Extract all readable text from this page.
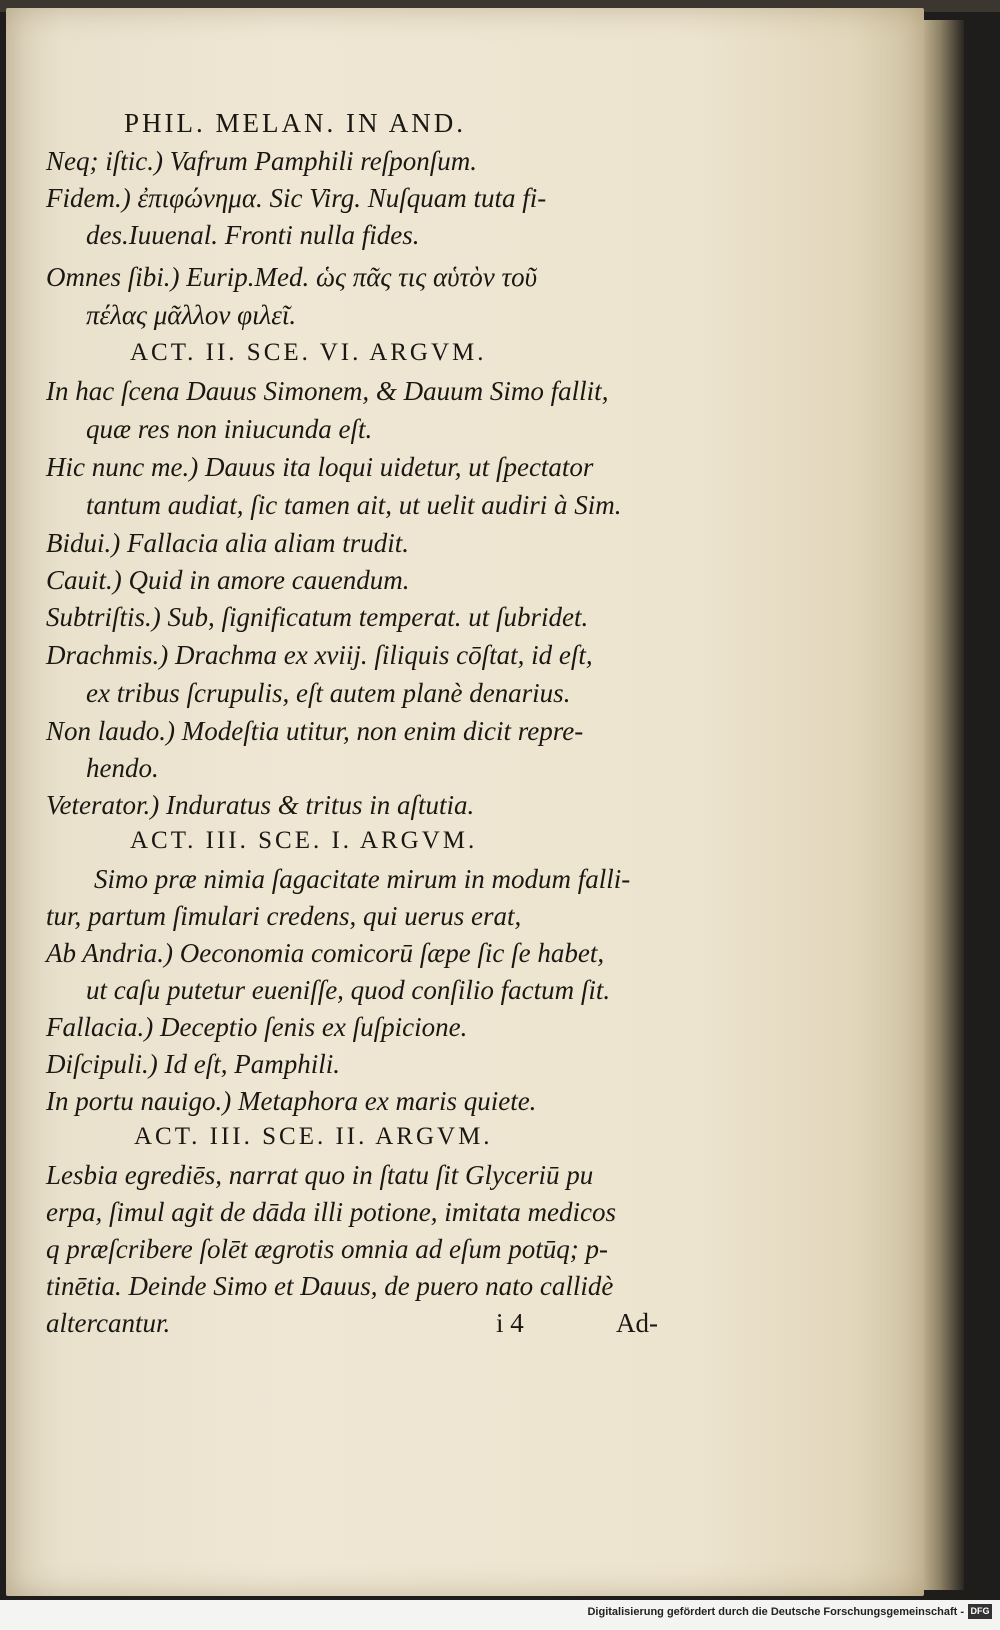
PHIL. MELAN. IN AND.
Neq; iſtic.) Vafrum Pamphili reſponſum.
Fidem.) ἐπιφώνημα. Sic Virg. Nuſquam tuta fi-
des.Iuuenal. Fronti nulla fides.
Omnes ſibi.) Eurip.Med. ὡς πᾶς τις αὑτὸν τοῦ
πέλας μᾶλλον φιλεῖ.
ACT. II. SCE. VI. ARGVM.
In hac ſcena Dauus Simonem, & Dauum Simo fallit,
quæ res non iniucunda eſt.
Hic nunc me.) Dauus ita loqui uidetur, ut ſpectator
tantum audiat, ſic tamen ait, ut uelit audiri à Sim.
Bidui.) Fallacia alia aliam trudit.
Cauit.) Quid in amore cauendum.
Subtriſtis.) Sub, ſignificatum temperat. ut ſubridet.
Drachmis.) Drachma ex xviij. ſiliquis cōſtat, id eſt,
ex tribus ſcrupulis, eſt autem planè denarius.
Non laudo.) Modeſtia utitur, non enim dicit repre-
hendo.
Veterator.) Induratus & tritus in aſtutia.
ACT. III. SCE. I. ARGVM.
Simo præ nimia ſagacitate mirum in modum falli-
tur, partum ſimulari credens, qui uerus erat,
Ab Andria.) Oeconomia comicorū ſæpe ſic ſe habet,
ut caſu putetur eueniſſe, quod conſilio factum ſit.
Fallacia.) Deceptio ſenis ex ſuſpicione.
Diſcipuli.) Id eſt, Pamphili.
In portu nauigo.) Metaphora ex maris quiete.
ACT. III. SCE. II. ARGVM.
Lesbia egrediēs, narrat quo in ſtatu ſit Glyceriū pu
erpa, ſimul agit de dāda illi potione, imitata medicos
q præſcribere ſolēt ægrotis omnia ad eſum potūq; p-
tinētia. Deinde Simo et Dauus, de puero nato callidè
altercantur.	i 4	Ad-
Digitalisierung gefördert durch die Deutsche Forschungsgemeinschaft - DFG
